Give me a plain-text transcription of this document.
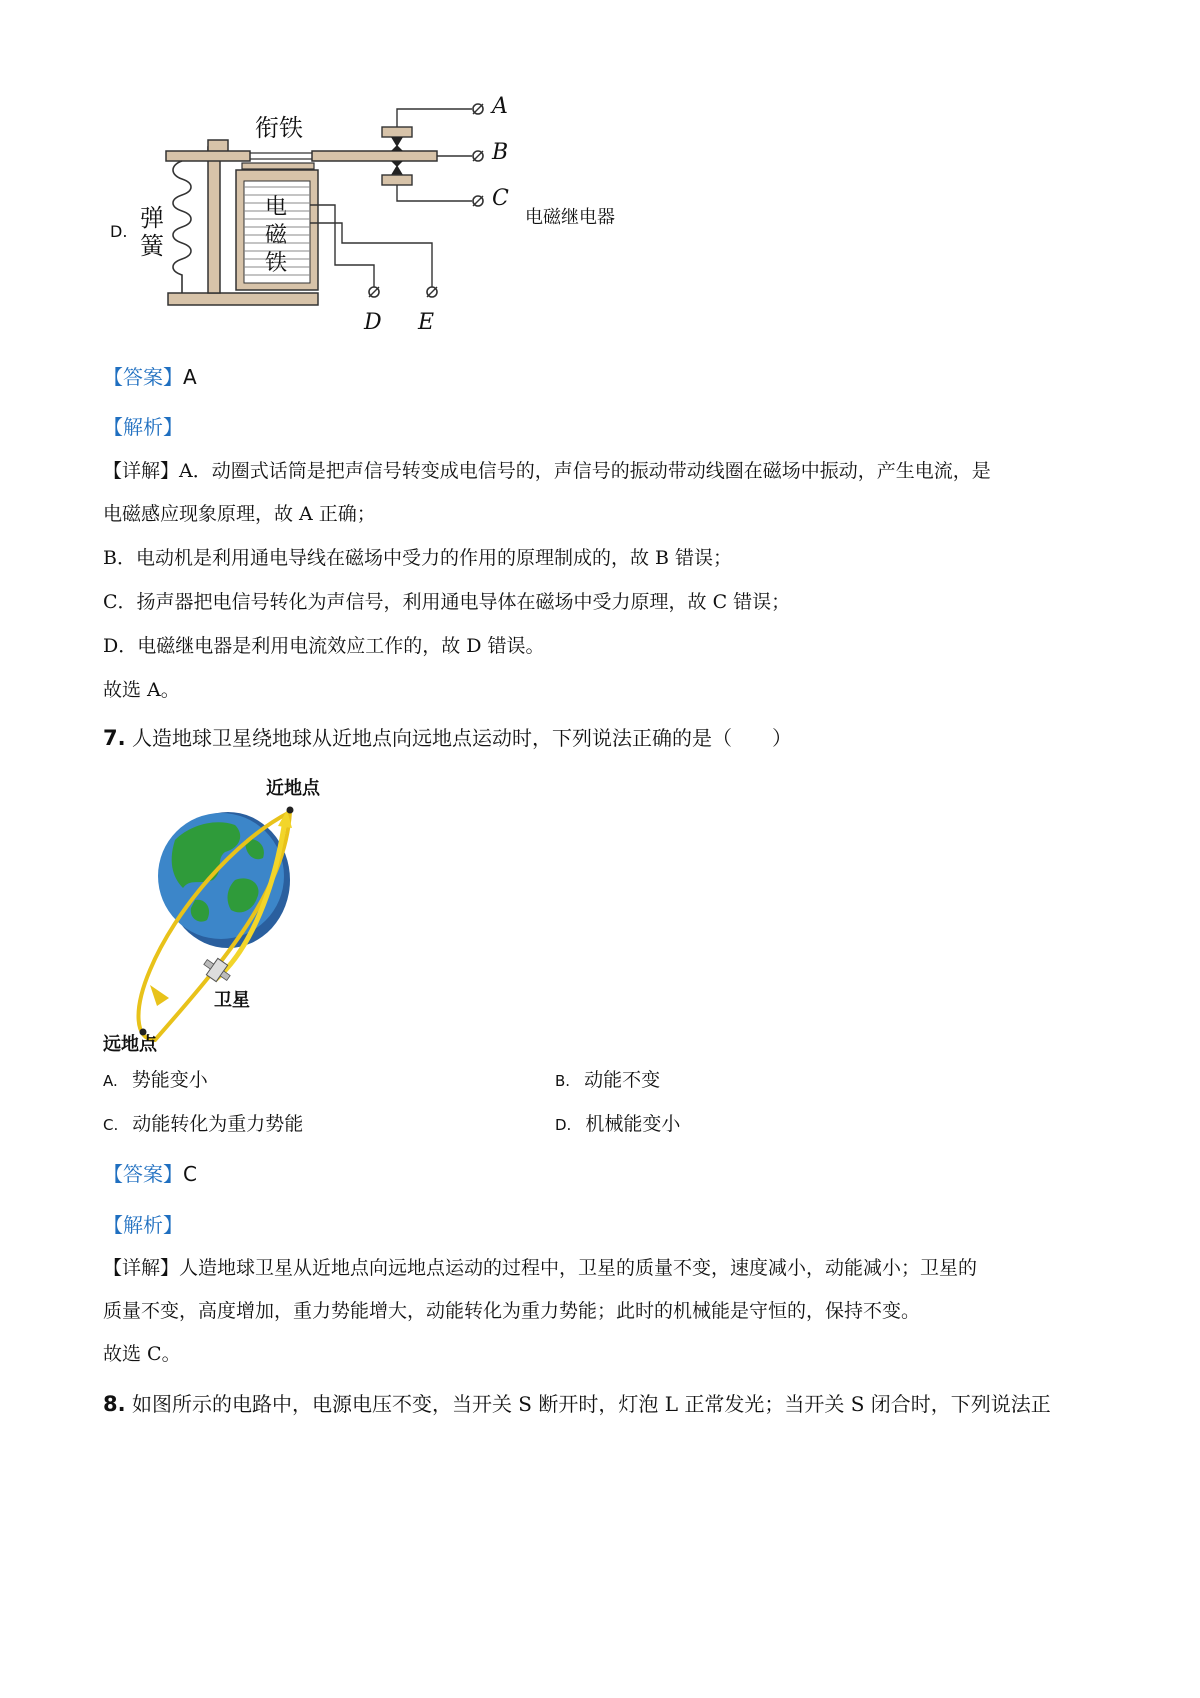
D.
衔铁
弹
簧
电
磁
铁
A
B
C
D E
电磁继电器
【答案】A
【解析】
【详解】A．动圈式话筒是把声信号转变成电信号的，声信号的振动带动线圈在磁场中振动，产生电流，是
电磁感应现象原理，故 A 正确；
B．电动机是利用通电导线在磁场中受力的作用的原理制成的，故 B 错误；
C．扬声器把电信号转化为声信号，利用通电导体在磁场中受力原理，故 C 错误；
D．电磁继电器是利用电流效应工作的，故 D 错误。
故选 A。
7. 人造地球卫星绕地球从近地点向远地点运动时，下列说法正确的是（　　）
近地点
卫星
远地点
A. 势能变小	B. 动能不变
C. 动能转化为重力势能	D. 机械能变小
【答案】C
【解析】
【详解】人造地球卫星从近地点向远地点运动的过程中，卫星的质量不变，速度减小，动能减小；卫星的
质量不变，高度增加，重力势能增大，动能转化为重力势能；此时的机械能是守恒的，保持不变。
故选 C。
8. 如图所示的电路中，电源电压不变，当开关 S 断开时，灯泡 L 正常发光；当开关 S 闭合时，下列说法正
